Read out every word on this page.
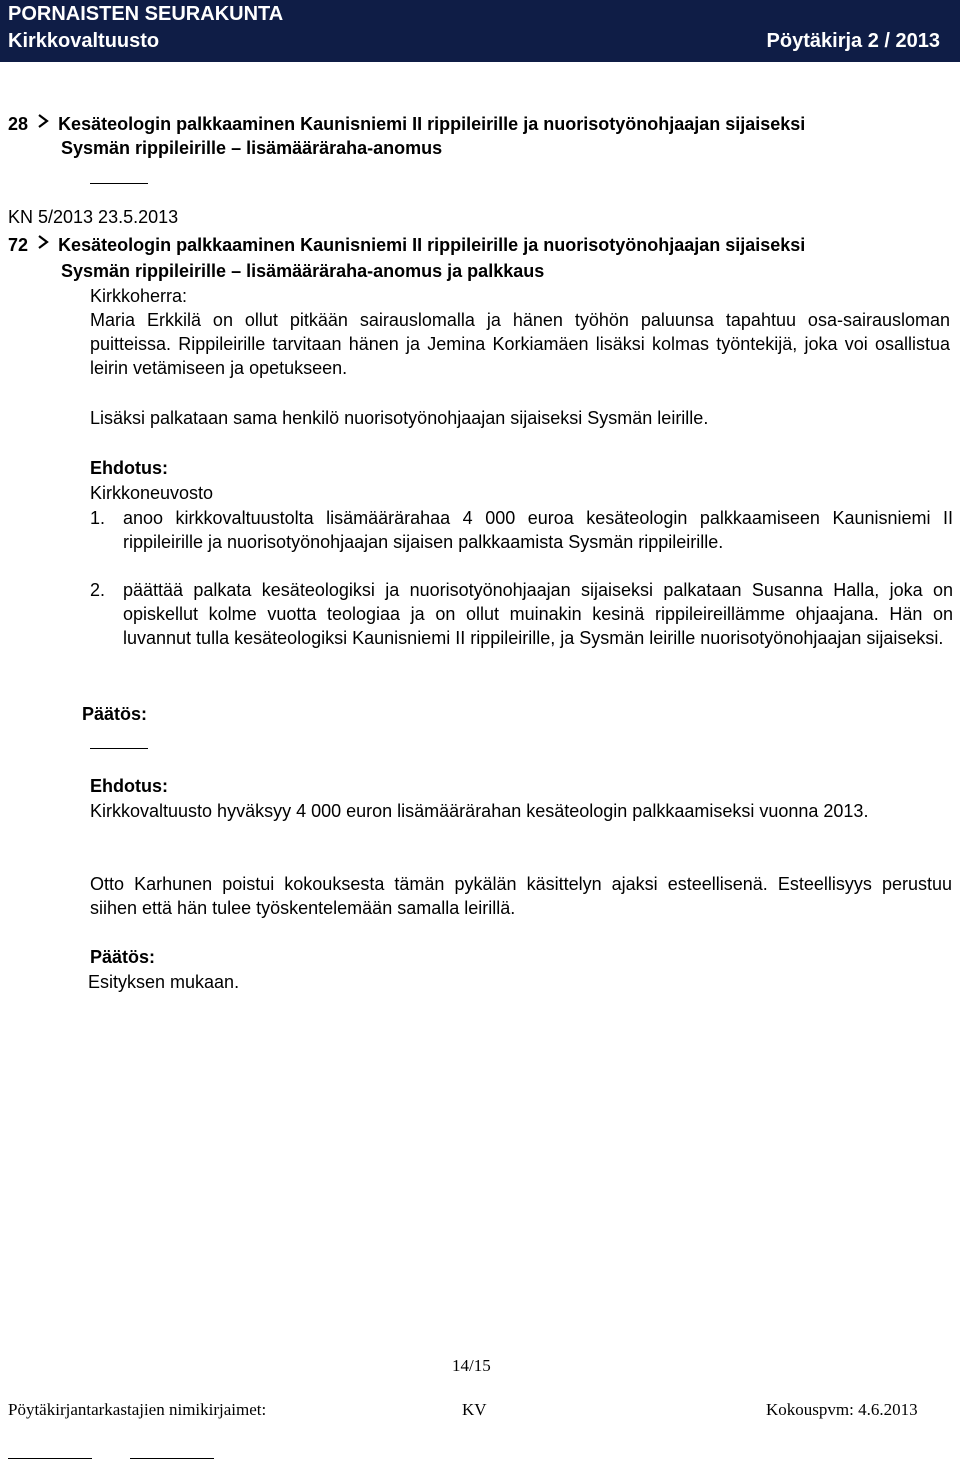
PORNAISTEN SEURAKUNTA
Kirkkovaltuusto	Pöytäkirja 2 / 2013
28 Kesäteologin palkkaaminen Kaunisniemi II rippileirille ja nuorisotyönohjaajan sijaiseksi
Sysmän rippileirille – lisämääräraha-anomus
KN 5/2013 23.5.2013
72 Kesäteologin palkkaaminen Kaunisniemi II rippileirille ja nuorisotyönohjaajan sijaiseksi
Sysmän rippileirille – lisämääräraha-anomus ja palkkaus
Kirkkoherra:
Maria Erkkilä on ollut pitkään sairauslomalla ja hänen työhön paluunsa tapahtuu osa-sairausloman puitteissa. Rippileirille tarvitaan hänen ja Jemina Korkiamäen lisäksi kolmas työntekijä, joka voi osallistua leirin vetämiseen ja opetukseen.
Lisäksi palkataan sama henkilö nuorisotyönohjaajan sijaiseksi Sysmän leirille.
Ehdotus:
Kirkkoneuvosto
1. anoo kirkkovaltuustolta lisämäärärahaa 4 000 euroa kesäteologin palkkaamiseen Kaunisniemi II rippileirille ja nuorisotyönohjaajan sijaisen palkkaamista Sysmän rippileirille.
2. päättää palkata kesäteologiksi ja nuorisotyönohjaajan sijaiseksi palkataan Susanna Halla, joka on opiskellut kolme vuotta teologiaa ja on ollut muinakin kesinä rippileireillämme ohjaajana. Hän on luvannut tulla kesäteologiksi Kaunisniemi II rippileirille, ja Sysmän leirille nuorisotyönohjaajan sijaiseksi.
Päätös:
Ehdotus:
Kirkkovaltuusto hyväksyy 4 000 euron lisämäärärahan kesäteologin palkkaamiseksi vuonna 2013.
Otto Karhunen poistui kokouksesta tämän pykälän käsittelyn ajaksi esteellisenä. Esteellisyys perustuu siihen että hän tulee työskentelemään samalla leirillä.
Päätös:
Esityksen mukaan.
14/15
Pöytäkirjantarkastajien nimikirjaimet:	KV	Kokouspvm: 4.6.2013
